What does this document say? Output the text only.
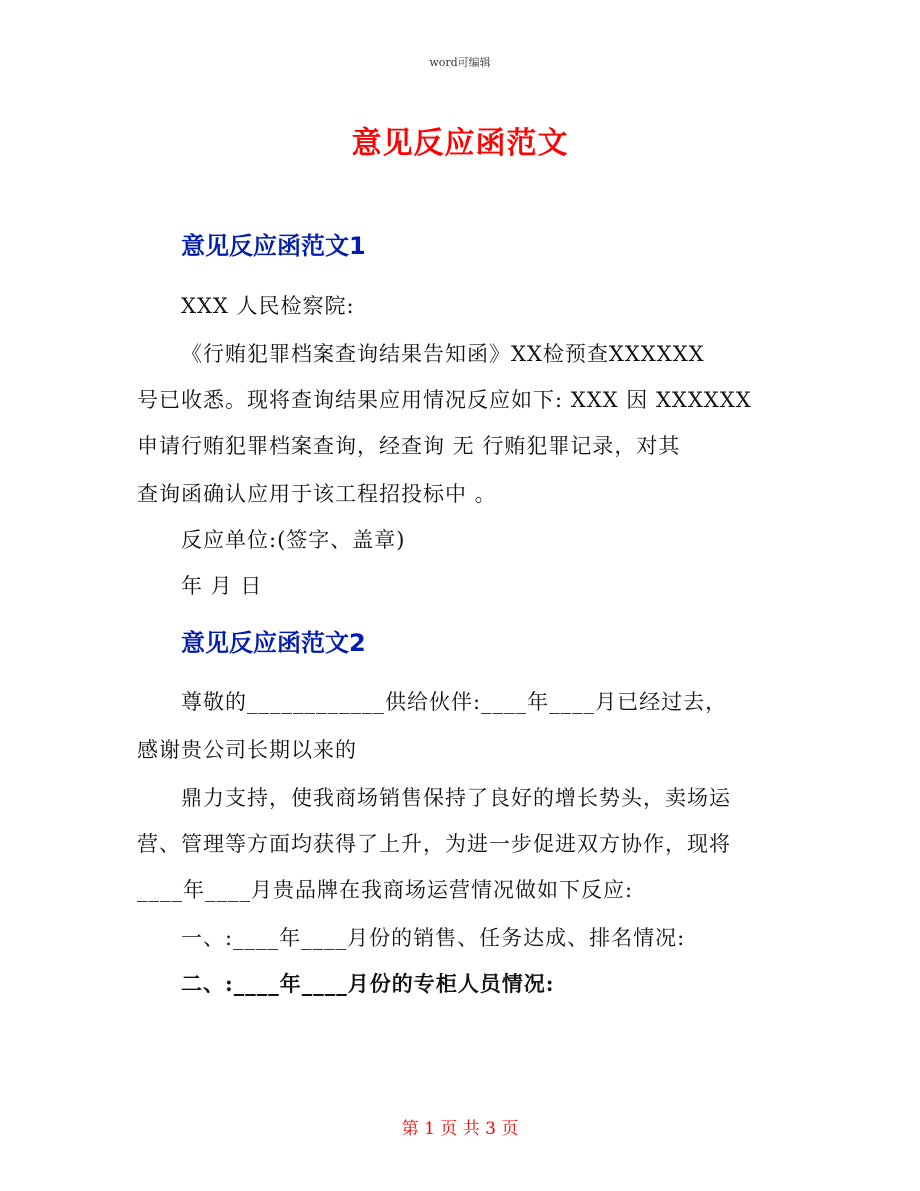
word可编辑
意见反应函范文
意见反应函范文1
XXX 人民检察院:
《行贿犯罪档案查询结果告知函》XX检预查XXXXXX
号已收悉。现将查询结果应用情况反应如下: XXX 因 XXXXXX
申请行贿犯罪档案查询，经查询 无 行贿犯罪记录，对其
查询函确认应用于该工程招投标中 。
反应单位:(签字、盖章)
年 月 日
意见反应函范文2
尊敬的____________供给伙伴:____年____月已经过去，
感谢贵公司长期以来的
鼎力支持，使我商场销售保持了良好的增长势头，卖场运
营、管理等方面均获得了上升，为进一步促进双方协作，现将
____年____月贵品牌在我商场运营情况做如下反应:
一、:____年____月份的销售、任务达成、排名情况:
二、:____年____月份的专柜人员情况:
第 1 页 共 3 页
